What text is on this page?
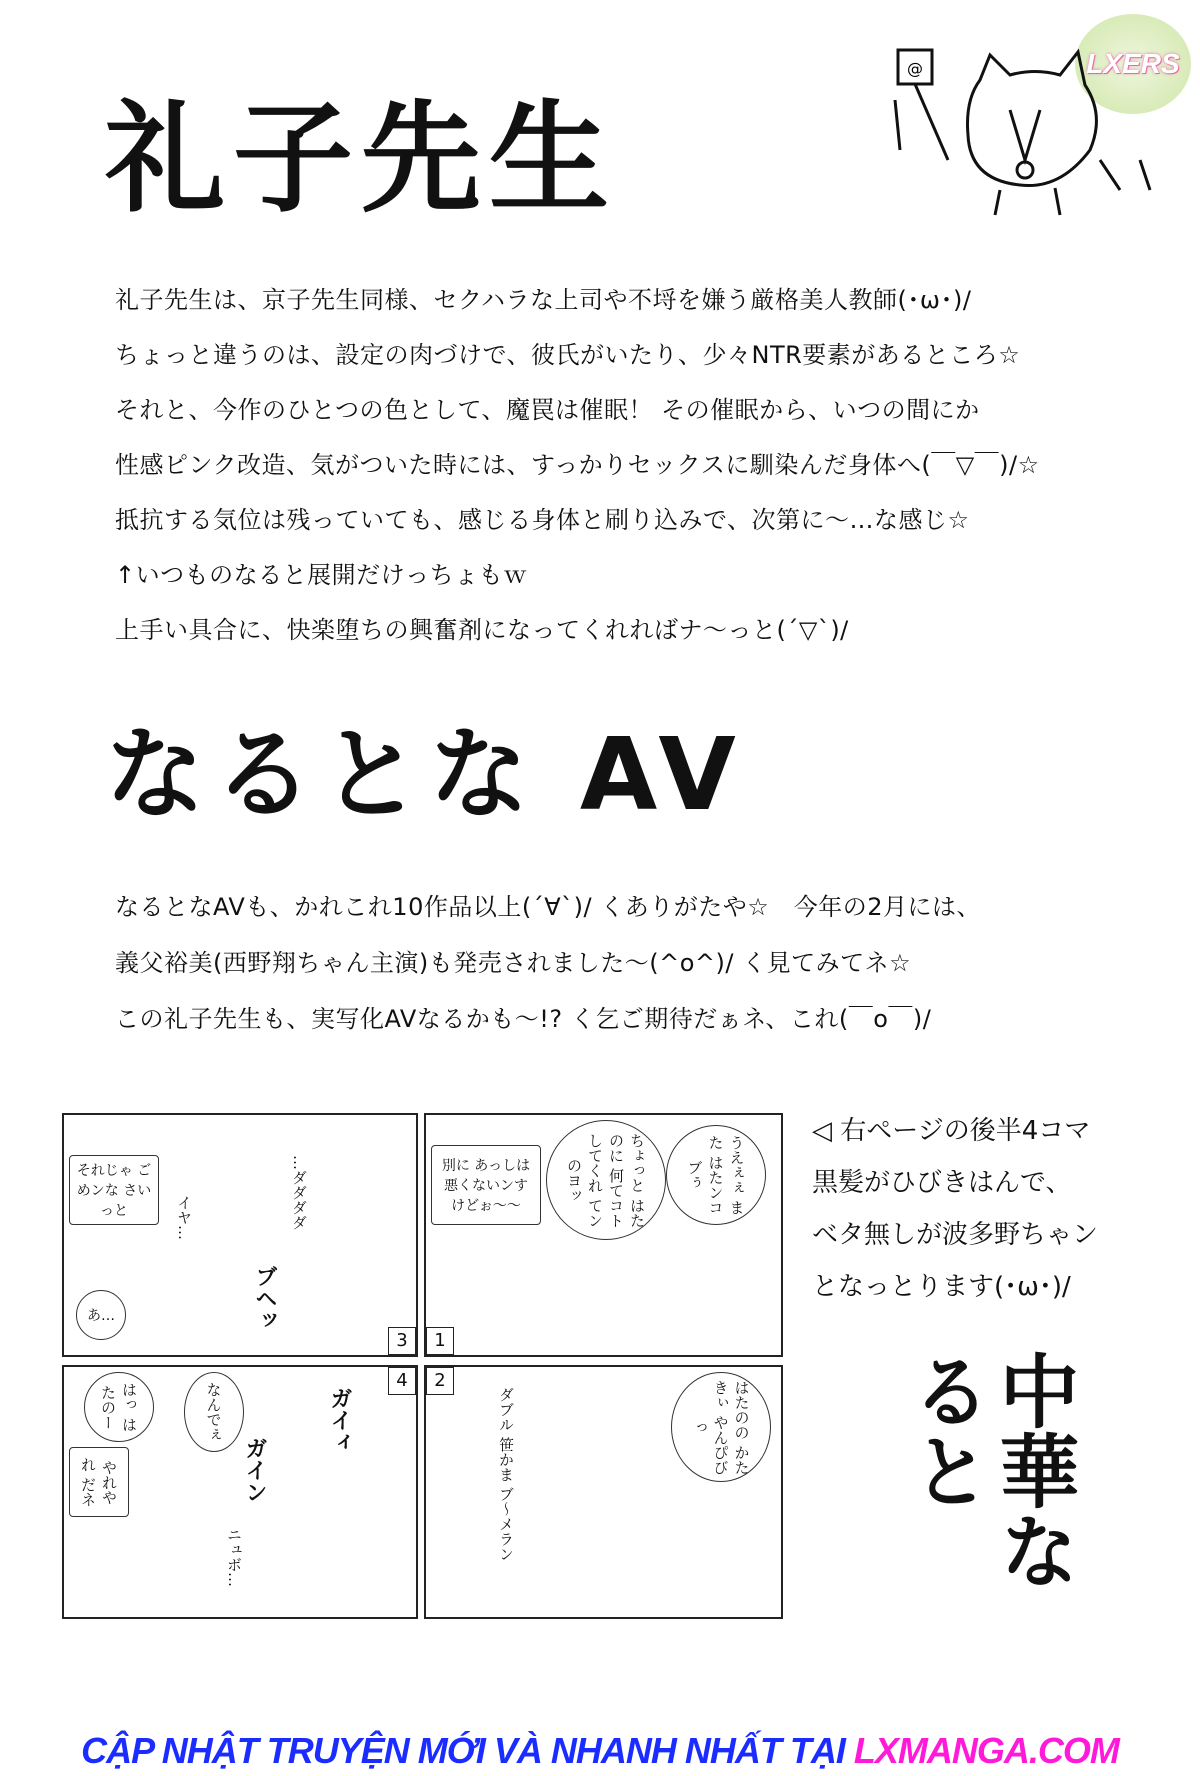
LXERS
礼子先生
@
礼子先生は、京子先生同様、セクハラな上司や不埒を嫌う厳格美人教師(･ω･)/
ちょっと違うのは、設定の肉づけで、彼氏がいたり、少々NTR要素があるところ☆
それと、今作のひとつの色として、魔罠は催眠！ その催眠から、いつの間にか
性感ピンク改造、気がついた時には、すっかりセックスに馴染んだ身体へ(￣▽￣)/☆
抵抗する気位は残っていても、感じる身体と刷り込みで、次第に〜…な感じ☆
↑いつものなると展開だけっちょもｗ
上手い具合に、快楽堕ちの興奮剤になってくれればナ〜っと(´▽`)/
なるとな AV
なるとなAVも、かれこれ10作品以上(´∀`)/ くありがたや☆　今年の2月には、
義父裕美(西野翔ちゃん主演)も発売されました〜(^o^)/ く見てみてネ☆
この礼子先生も、実写化AVなるかも〜!? く乞ご期待だぁネ、これ(￣o￣)/
それじゃ ごめンな さいっと	イヤ…	…ダダダダ
ブヘッ
あ…
3
別に あっしは 悪くないンす けどぉ〜〜	ちょっと はたのに 何てコト してくれ てンのヨッ	うえぇぇ また はたンコブぅ
1
はっ はたのー	なんでぇ	ガイィ
ガイン
やれやれ だネ
ニュボ…
4
ダブル 笹かま ブ〜メラン	はたのの かたきぃ やんぴびっ
2
◁ 右ページの後半4コマ
黒髪がひびきはんで、
ベタ無しが波多野ちゃン
となっとります(･ω･)/
中華なると
CẬP NHẬT TRUYỆN MỚI VÀ NHANH NHẤT TẠI LXMANGA.COM
